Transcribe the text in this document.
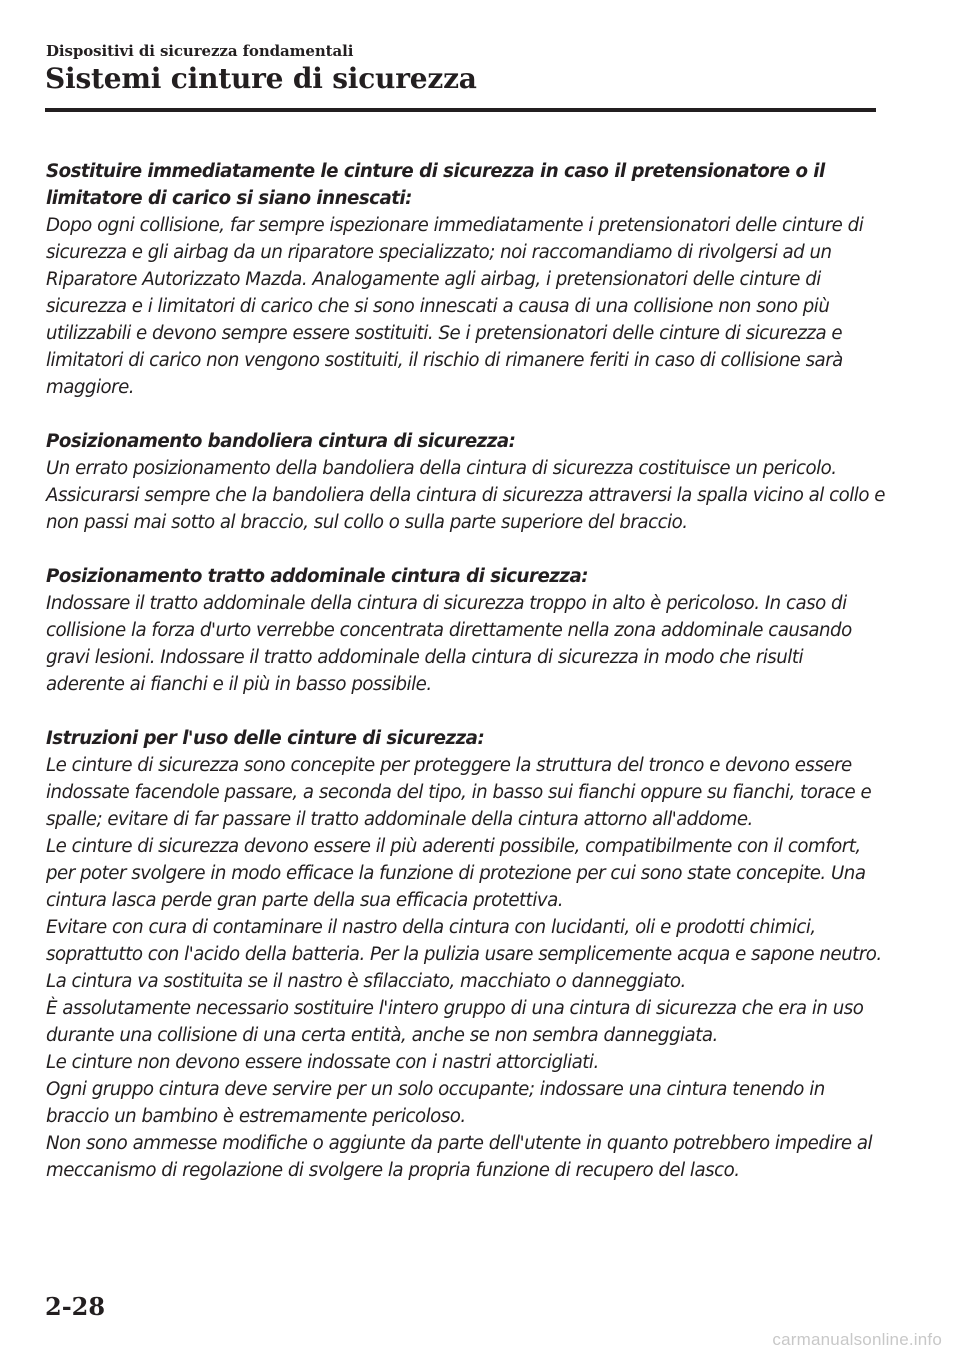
Dispositivi di sicurezza fondamentali
Sistemi cinture di sicurezza

Sostituire immediatamente le cinture di sicurezza in caso il pretensionatore o il limitatore di carico si siano innescati:

Dopo ogni collisione, far sempre ispezionare immediatamente i pretensionatori delle cinture di sicurezza e gli airbag da un riparatore specializzato; noi raccomandiamo di rivolgersi ad un Riparatore Autorizzato Mazda. Analogamente agli airbag, i pretensionatori delle cinture di sicurezza e i limitatori di carico che si sono innescati a causa di una collisione non sono più utilizzabili e devono sempre essere sostituiti. Se i pretensionatori delle cinture di sicurezza e limitatori di carico non vengono sostituiti, il rischio di rimanere feriti in caso di collisione sarà maggiore.

Posizionamento bandoliera cintura di sicurezza:

Un errato posizionamento della bandoliera della cintura di sicurezza costituisce un pericolo. Assicurarsi sempre che la bandoliera della cintura di sicurezza attraversi la spalla vicino al collo e non passi mai sotto al braccio, sul collo o sulla parte superiore del braccio.

Posizionamento tratto addominale cintura di sicurezza:

Indossare il tratto addominale della cintura di sicurezza troppo in alto è pericoloso. In caso di collisione la forza d'urto verrebbe concentrata direttamente nella zona addominale causando gravi lesioni. Indossare il tratto addominale della cintura di sicurezza in modo che risulti aderente ai fianchi e il più in basso possibile.

Istruzioni per l'uso delle cinture di sicurezza:

Le cinture di sicurezza sono concepite per proteggere la struttura del tronco e devono essere indossate facendole passare, a seconda del tipo, in basso sui fianchi oppure su fianchi, torace e spalle; evitare di far passare il tratto addominale della cintura attorno all'addome.

Le cinture di sicurezza devono essere il più aderenti possibile, compatibilmente con il comfort, per poter svolgere in modo efficace la funzione di protezione per cui sono state concepite. Una cintura lasca perde gran parte della sua efficacia protettiva.

Evitare con cura di contaminare il nastro della cintura con lucidanti, oli e prodotti chimici, soprattutto con l'acido della batteria. Per la pulizia usare semplicemente acqua e sapone neutro. La cintura va sostituita se il nastro è sfilacciato, macchiato o danneggiato.

È assolutamente necessario sostituire l'intero gruppo di una cintura di sicurezza che era in uso durante una collisione di una certa entità, anche se non sembra danneggiata.

Le cinture non devono essere indossate con i nastri attorcigliati.

Ogni gruppo cintura deve servire per un solo occupante; indossare una cintura tenendo in braccio un bambino è estremamente pericoloso.

Non sono ammesse modifiche o aggiunte da parte dell'utente in quanto potrebbero impedire al meccanismo di regolazione di svolgere la propria funzione di recupero del lasco.

2-28
carmanualsonline.info
